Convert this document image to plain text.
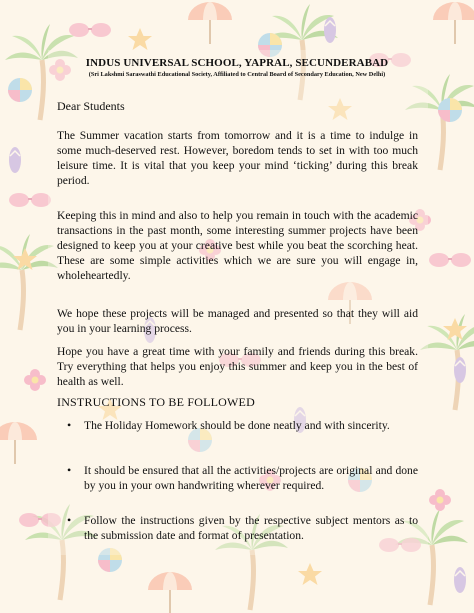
INDUS UNIVERSAL SCHOOL, YAPRAL, SECUNDERABAD
(Sri Lakshmi Saraswathi Educational Society, Affiliated to Central Board of Secondary Education, New Delhi)
Dear Students
The Summer vacation starts from tomorrow and it is a time to indulge in some much-deserved rest. However, boredom tends to set in with too much leisure time. It is vital that you keep your mind ‘ticking’ during this break period.
Keeping this in mind and also to help you remain in touch with the academic transactions in the past month, some interesting summer projects have been designed to keep you at your creative best while you beat the scorching heat. These are some simple activities which we are sure you will engage in, wholeheartedly.
We hope these projects will be managed and presented so that they will aid you in your learning process.
Hope you have a great time with your family and friends during this break. Try everything that helps you enjoy this summer and keep you in the best of health as well.
INSTRUCTIONS TO BE FOLLOWED
• The Holiday Homework should be done neatly and with sincerity.
• It should be ensured that all the activities/projects are original and done by you in your own handwriting wherever required.
• Follow the instructions given by the respective subject mentors as to the submission date and format of presentation.
